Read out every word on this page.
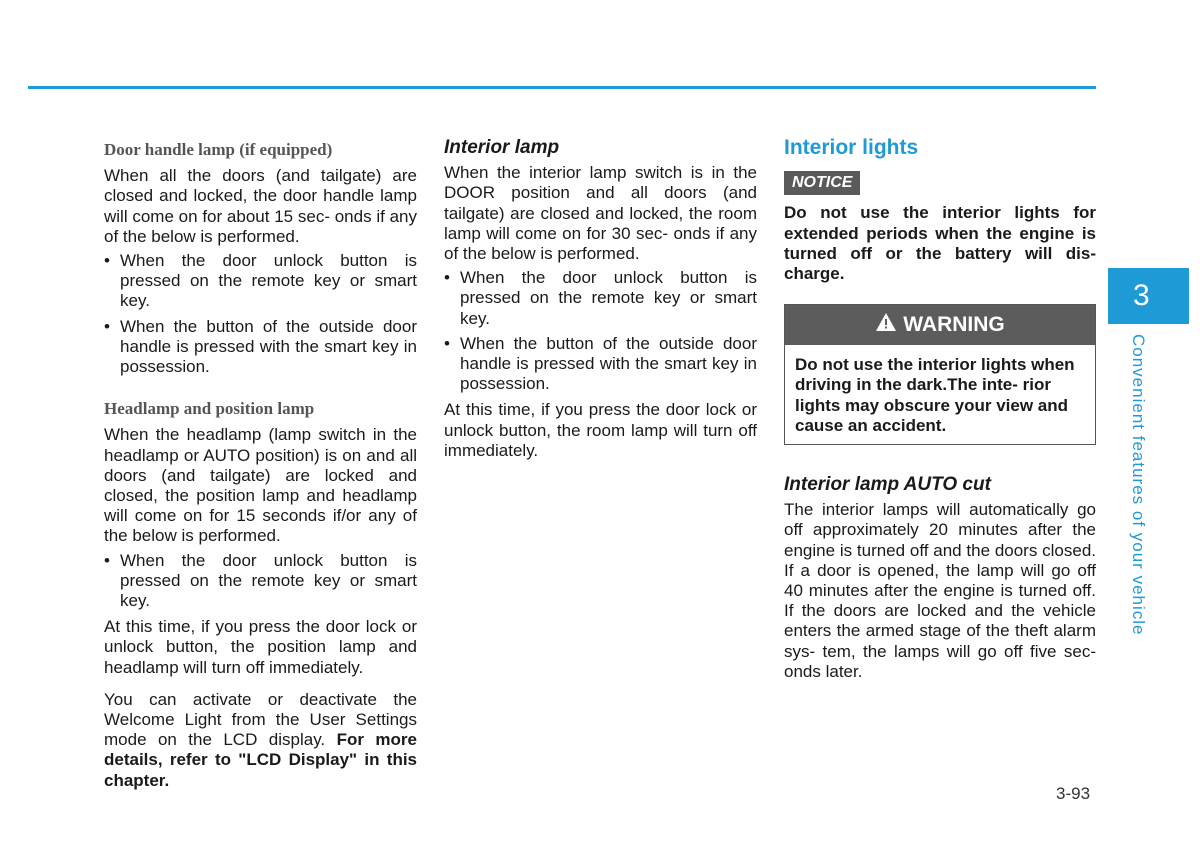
Door handle lamp (if equipped)

When all the doors (and tailgate) are closed and locked, the door handle lamp will come on for about 15 sec- onds if any of the below is performed.

• When the door unlock button is pressed on the remote key or smart key.
• When the button of the outside door handle is pressed with the smart key in possession.
Headlamp and position lamp

When the headlamp (lamp switch in the headlamp or AUTO position) is on and all doors (and tailgate) are locked and closed, the position lamp and headlamp will come on for 15 seconds if/or any of the below is performed.

• When the door unlock button is pressed on the remote key or smart key.

At this time, if you press the door lock or unlock button, the position lamp and headlamp will turn off immediately.

You can activate or deactivate the Welcome Light from the User Settings mode on the LCD display. For more details, refer to "LCD Display" in this chapter.

Interior lamp

When the interior lamp switch is in the DOOR position and all doors (and tailgate) are closed and locked, the room lamp will come on for 30 sec- onds if any of the below is performed.

• When the door unlock button is pressed on the remote key or smart key.
• When the button of the outside door handle is pressed with the smart key in possession.

At this time, if you press the door lock or unlock button, the room lamp will turn off immediately.

Interior lights
NOTICE

Do not use the interior lights for extended periods when the engine is turned off or the battery will dis- charge.

WARNING
Do not use the interior lights when driving in the dark.The inte- rior lights may obscure your view and cause an accident.
Interior lamp AUTO cut

The interior lamps will automatically go off approximately 20 minutes after the engine is turned off and the doors closed. If a door is opened, the lamp will go off 40 minutes after the engine is turned off. If the doors are locked and the vehicle enters the armed stage of the theft alarm sys- tem, the lamps will go off five sec- onds later.

3
Convenient features of your vehicle
3-93
